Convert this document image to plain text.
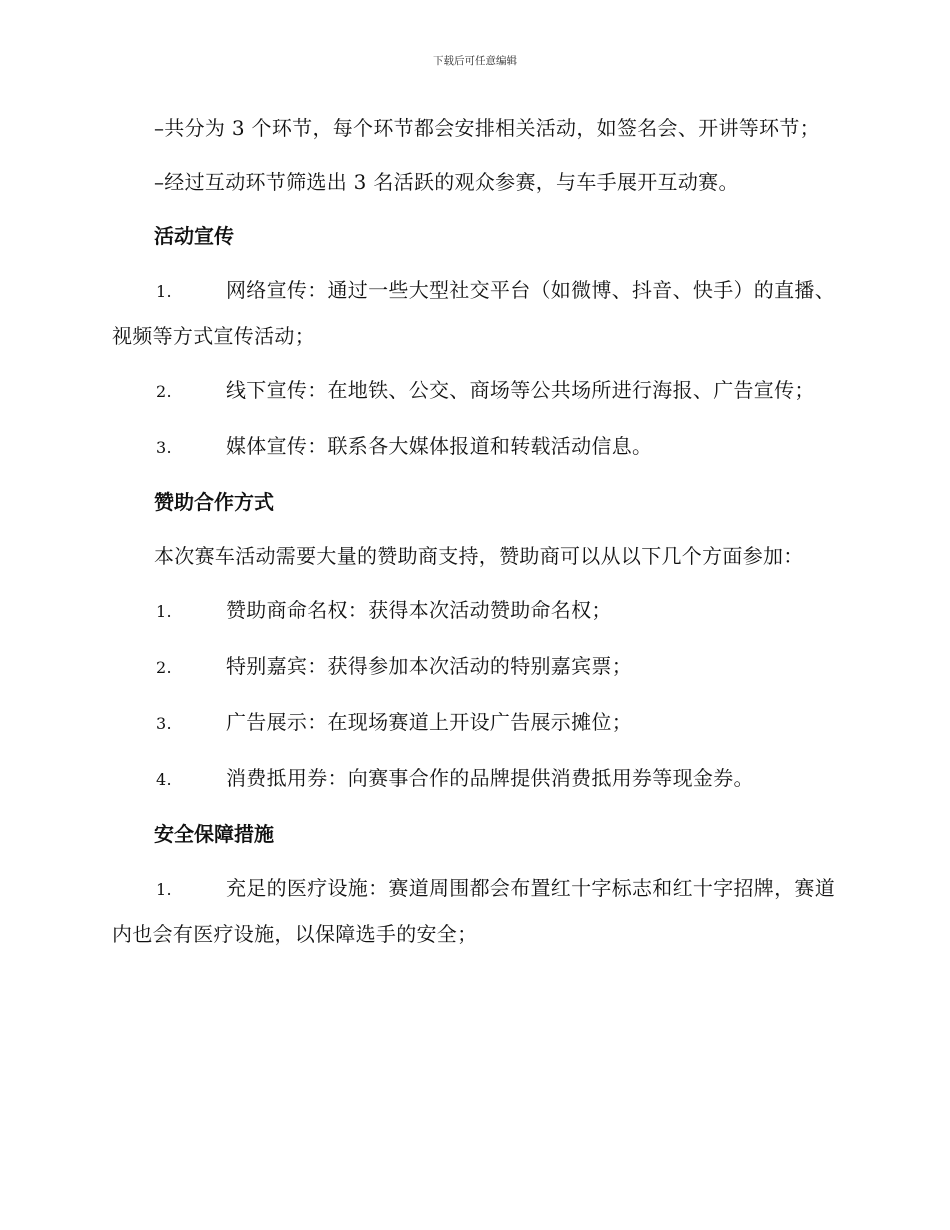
下载后可任意编辑

–共分为 3 个环节，每个环节都会安排相关活动，如签名会、开讲等环节；

–经过互动环节筛选出 3 名活跃的观众参赛，与车手展开互动赛。

活动宣传

1.	网络宣传：通过一些大型社交平台（如微博、抖音、快手）的直播、视频等方式宣传活动；

2.	线下宣传：在地铁、公交、商场等公共场所进行海报、广告宣传；

3.	媒体宣传：联系各大媒体报道和转载活动信息。

赞助合作方式

本次赛车活动需要大量的赞助商支持，赞助商可以从以下几个方面参加：

1.	赞助商命名权：获得本次活动赞助命名权；

2.	特别嘉宾：获得参加本次活动的特别嘉宾票；

3.	广告展示：在现场赛道上开设广告展示摊位；

4.	消费抵用券：向赛事合作的品牌提供消费抵用券等现金券。

安全保障措施

1.	充足的医疗设施：赛道周围都会布置红十字标志和红十字招牌，赛道内也会有医疗设施，以保障选手的安全；
